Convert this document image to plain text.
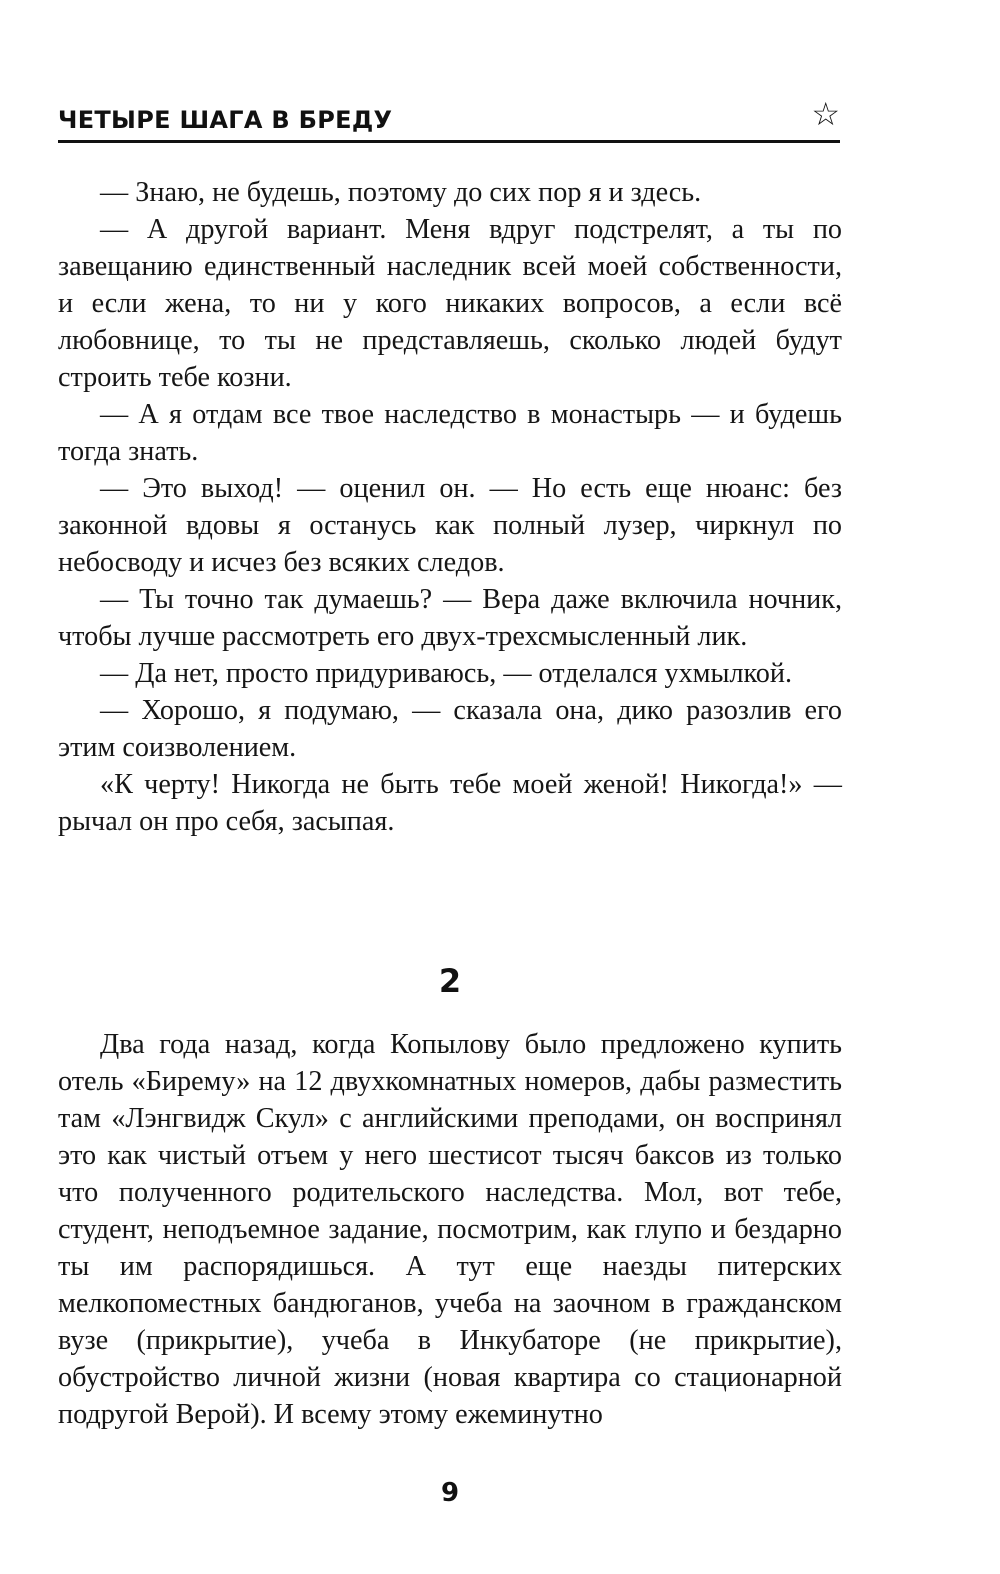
ЧЕТЫРЕ ШАГА В БРЕДУ	☆

— Знаю, не будешь, поэтому до сих пор я и здесь.

— А другой вариант. Меня вдруг подстрелят, а ты по завещанию единственный наследник всей моей собственности, и если жена, то ни у кого никаких вопросов, а если всё любовнице, то ты не представляешь, сколько людей будут строить тебе козни.

— А я отдам все твое наследство в монастырь — и будешь тогда знать.

— Это выход! — оценил он. — Но есть еще нюанс: без законной вдовы я останусь как полный лузер, чиркнул по небосводу и исчез без всяких следов.

— Ты точно так думаешь? — Вера даже включила ночник, чтобы лучше рассмотреть его двух-трехсмысленный лик.

— Да нет, просто придуриваюсь, — отделался ухмылкой.

— Хорошо, я подумаю, — сказала она, дико разозлив его этим соизволением.

«К черту! Никогда не быть тебе моей женой! Никогда!» — рычал он про себя, засыпая.

2

Два года назад, когда Копылову было предложено купить отель «Бирему» на 12 двухкомнатных номеров, дабы разместить там «Лэнгвидж Скул» с английскими преподами, он воспринял это как чистый отъем у него шестисот тысяч баксов из только что полученного родительского наследства. Мол, вот тебе, студент, неподъемное задание, посмотрим, как глупо и бездарно ты им распорядишься. А тут еще наезды питерских мелкопоместных бандюганов, учеба на заочном в гражданском вузе (прикрытие), учеба в Инкубаторе (не прикрытие), обустройство личной жизни (новая квартира со стационарной подругой Верой). И всему этому ежеминутно

9
